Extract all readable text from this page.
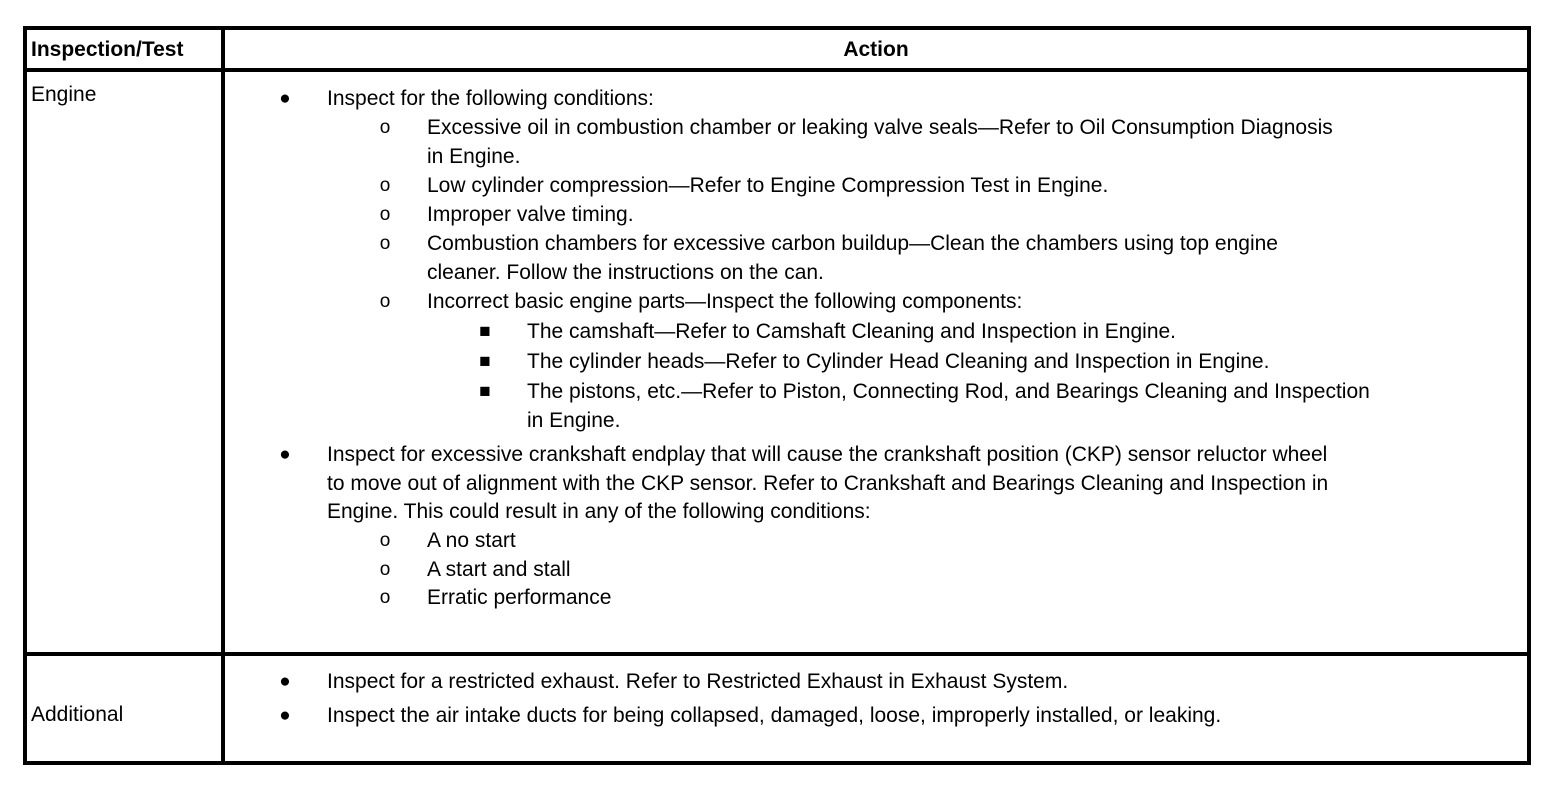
Inspection/Test	Action
Engine
Additional
● Inspect for the following conditions:
o Excessive oil in combustion chamber or leaking valve seals—Refer to Oil Consumption Diagnosis
in Engine.
o Low cylinder compression—Refer to Engine Compression Test in Engine.
o Improper valve timing.
o Combustion chambers for excessive carbon buildup—Clean the chambers using top engine
cleaner. Follow the instructions on the can.
o Incorrect basic engine parts—Inspect the following components:
■ The camshaft—Refer to Camshaft Cleaning and Inspection in Engine.
■ The cylinder heads—Refer to Cylinder Head Cleaning and Inspection in Engine.
■ The pistons, etc.—Refer to Piston, Connecting Rod, and Bearings Cleaning and Inspection
in Engine.
● Inspect for excessive crankshaft endplay that will cause the crankshaft position (CKP) sensor reluctor wheel
to move out of alignment with the CKP sensor. Refer to Crankshaft and Bearings Cleaning and Inspection in
Engine. This could result in any of the following conditions:
o A no start
o A start and stall
o Erratic performance
● Inspect for a restricted exhaust. Refer to Restricted Exhaust in Exhaust System.
● Inspect the air intake ducts for being collapsed, damaged, loose, improperly installed, or leaking.
